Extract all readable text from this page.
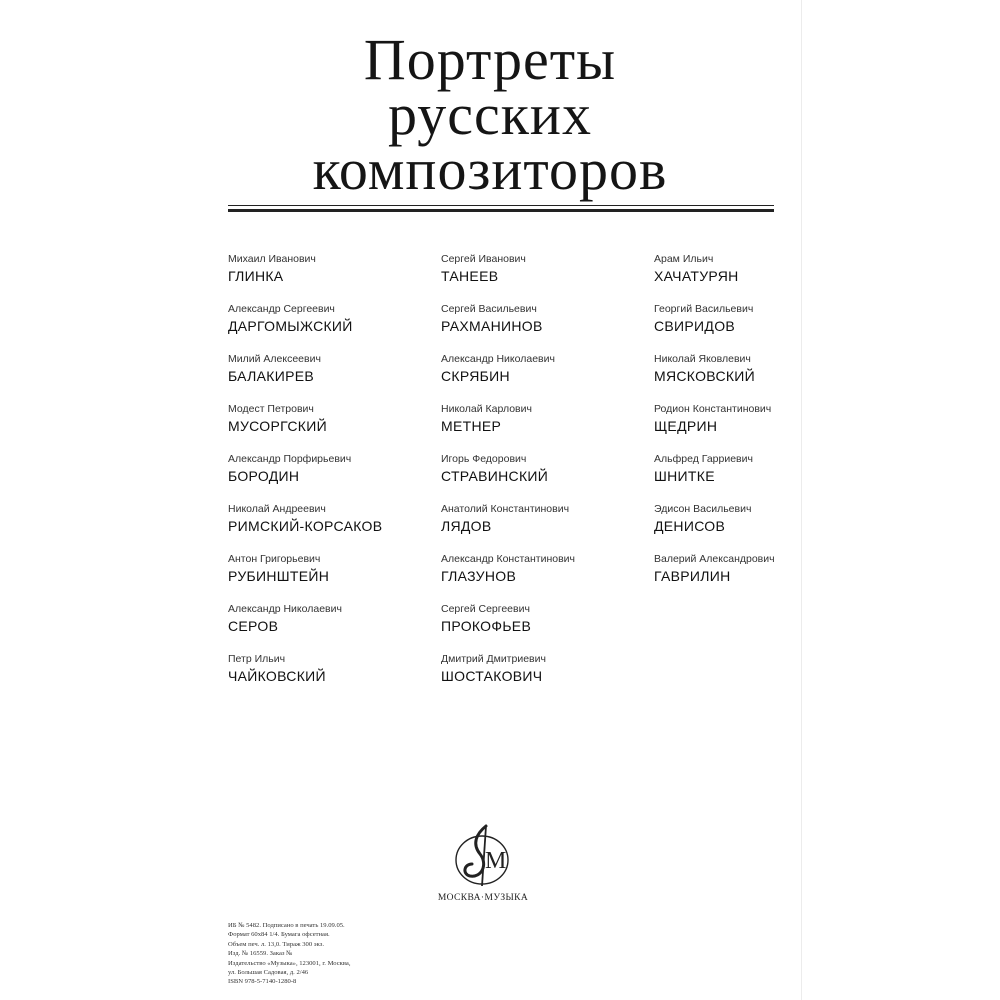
Портреты
русских
композиторов
Михаил Иванович
ГЛИНКА
Александр Сергеевич
ДАРГОМЫЖСКИЙ
Милий Алексеевич
БАЛАКИРЕВ
Модест Петрович
МУСОРГСКИЙ
Александр Порфирьевич
БОРОДИН
Николай Андреевич
РИМСКИЙ-КОРСАКОВ
Антон Григорьевич
РУБИНШТЕЙН
Александр Николаевич
СЕРОВ
Петр Ильич
ЧАЙКОВСКИЙ
Сергей Иванович
ТАНЕЕВ
Сергей Васильевич
РАХМАНИНОВ
Александр Николаевич
СКРЯБИН
Николай Карлович
МЕТНЕР
Игорь Федорович
СТРАВИНСКИЙ
Анатолий Константинович
ЛЯДОВ
Александр Константинович
ГЛАЗУНОВ
Сергей Сергеевич
ПРОКОФЬЕВ
Дмитрий Дмитриевич
ШОСТАКОВИЧ
Арам Ильич
ХАЧАТУРЯН
Георгий Васильевич
СВИРИДОВ
Николай Яковлевич
МЯСКОВСКИЙ
Родион Константинович
ЩЕДРИН
Альфред Гарриевич
ШНИТКЕ
Эдисон Васильевич
ДЕНИСОВ
Валерий Александрович
ГАВРИЛИН
М
МОСКВА·МУЗЫКА
ИБ № 5482. Подписано в печать 19.09.05.
Формат 60x84 1/4. Бумага офсетная.
Объем печ. л. 13,0. Тираж 300 экз.
Изд. № 16559. Заказ №
Издательство «Музыка», 123001, г. Москва,
ул. Большая Садовая, д. 2/46
ISBN 978-5-7140-1280-8
